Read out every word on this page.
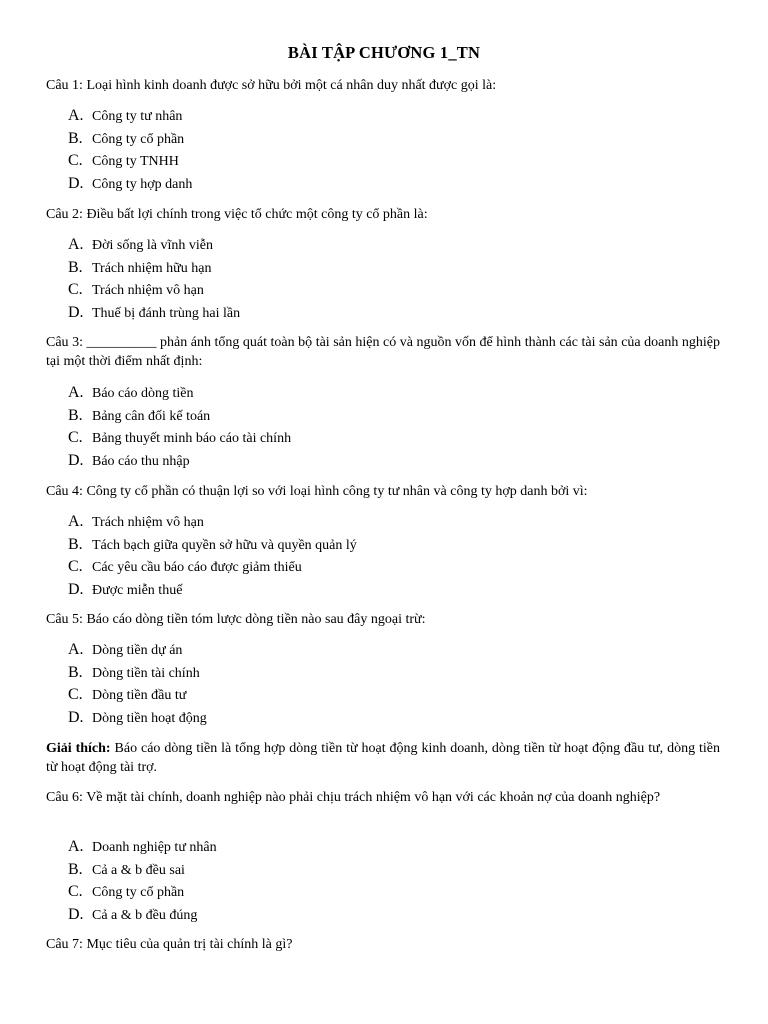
BÀI TẬP CHƯƠNG 1_TN
Câu 1: Loại hình kinh doanh được sở hữu bởi một cá nhân duy nhất được gọi là:
A. Công ty tư nhân
B. Công ty cổ phần
C. Công ty TNHH
D. Công ty hợp danh
Câu 2: Điều bất lợi chính trong việc tổ chức một công ty cổ phần là:
A. Đời sống là vĩnh viễn
B. Trách nhiệm hữu hạn
C. Trách nhiệm vô hạn
D. Thuế bị đánh trùng hai lần
Câu 3: __________ phản ánh tổng quát toàn bộ tài sản hiện có và nguồn vốn để hình thành các tài sản của doanh nghiệp tại một thời điểm nhất định:
A. Báo cáo dòng tiền
B. Bảng cân đối kế toán
C. Bảng thuyết minh báo cáo tài chính
D. Báo cáo thu nhập
Câu 4: Công ty cổ phần có thuận lợi so với loại hình công ty tư nhân và công ty hợp danh bởi vì:
A. Trách nhiệm vô hạn
B. Tách bạch giữa quyền sở hữu và quyền quản lý
C. Các yêu cầu báo cáo được giảm thiểu
D. Được miễn thuế
Câu 5: Báo cáo dòng tiền tóm lược dòng tiền nào sau đây ngoại trừ:
A. Dòng tiền dự án
B. Dòng tiền tài chính
C. Dòng tiền đầu tư
D. Dòng tiền hoạt động
Giải thích: Báo cáo dòng tiền là tổng hợp dòng tiền từ hoạt động kinh doanh, dòng tiền từ hoạt động đầu tư, dòng tiền từ hoạt động tài trợ.
Câu 6: Về mặt tài chính, doanh nghiệp nào phải chịu trách nhiệm vô hạn với các khoản nợ của doanh nghiệp?
A. Doanh nghiệp tư nhân
B. Cả a & b đều sai
C. Công ty cổ phần
D. Cả a & b đều đúng
Câu 7: Mục tiêu của quản trị tài chính là gì?
